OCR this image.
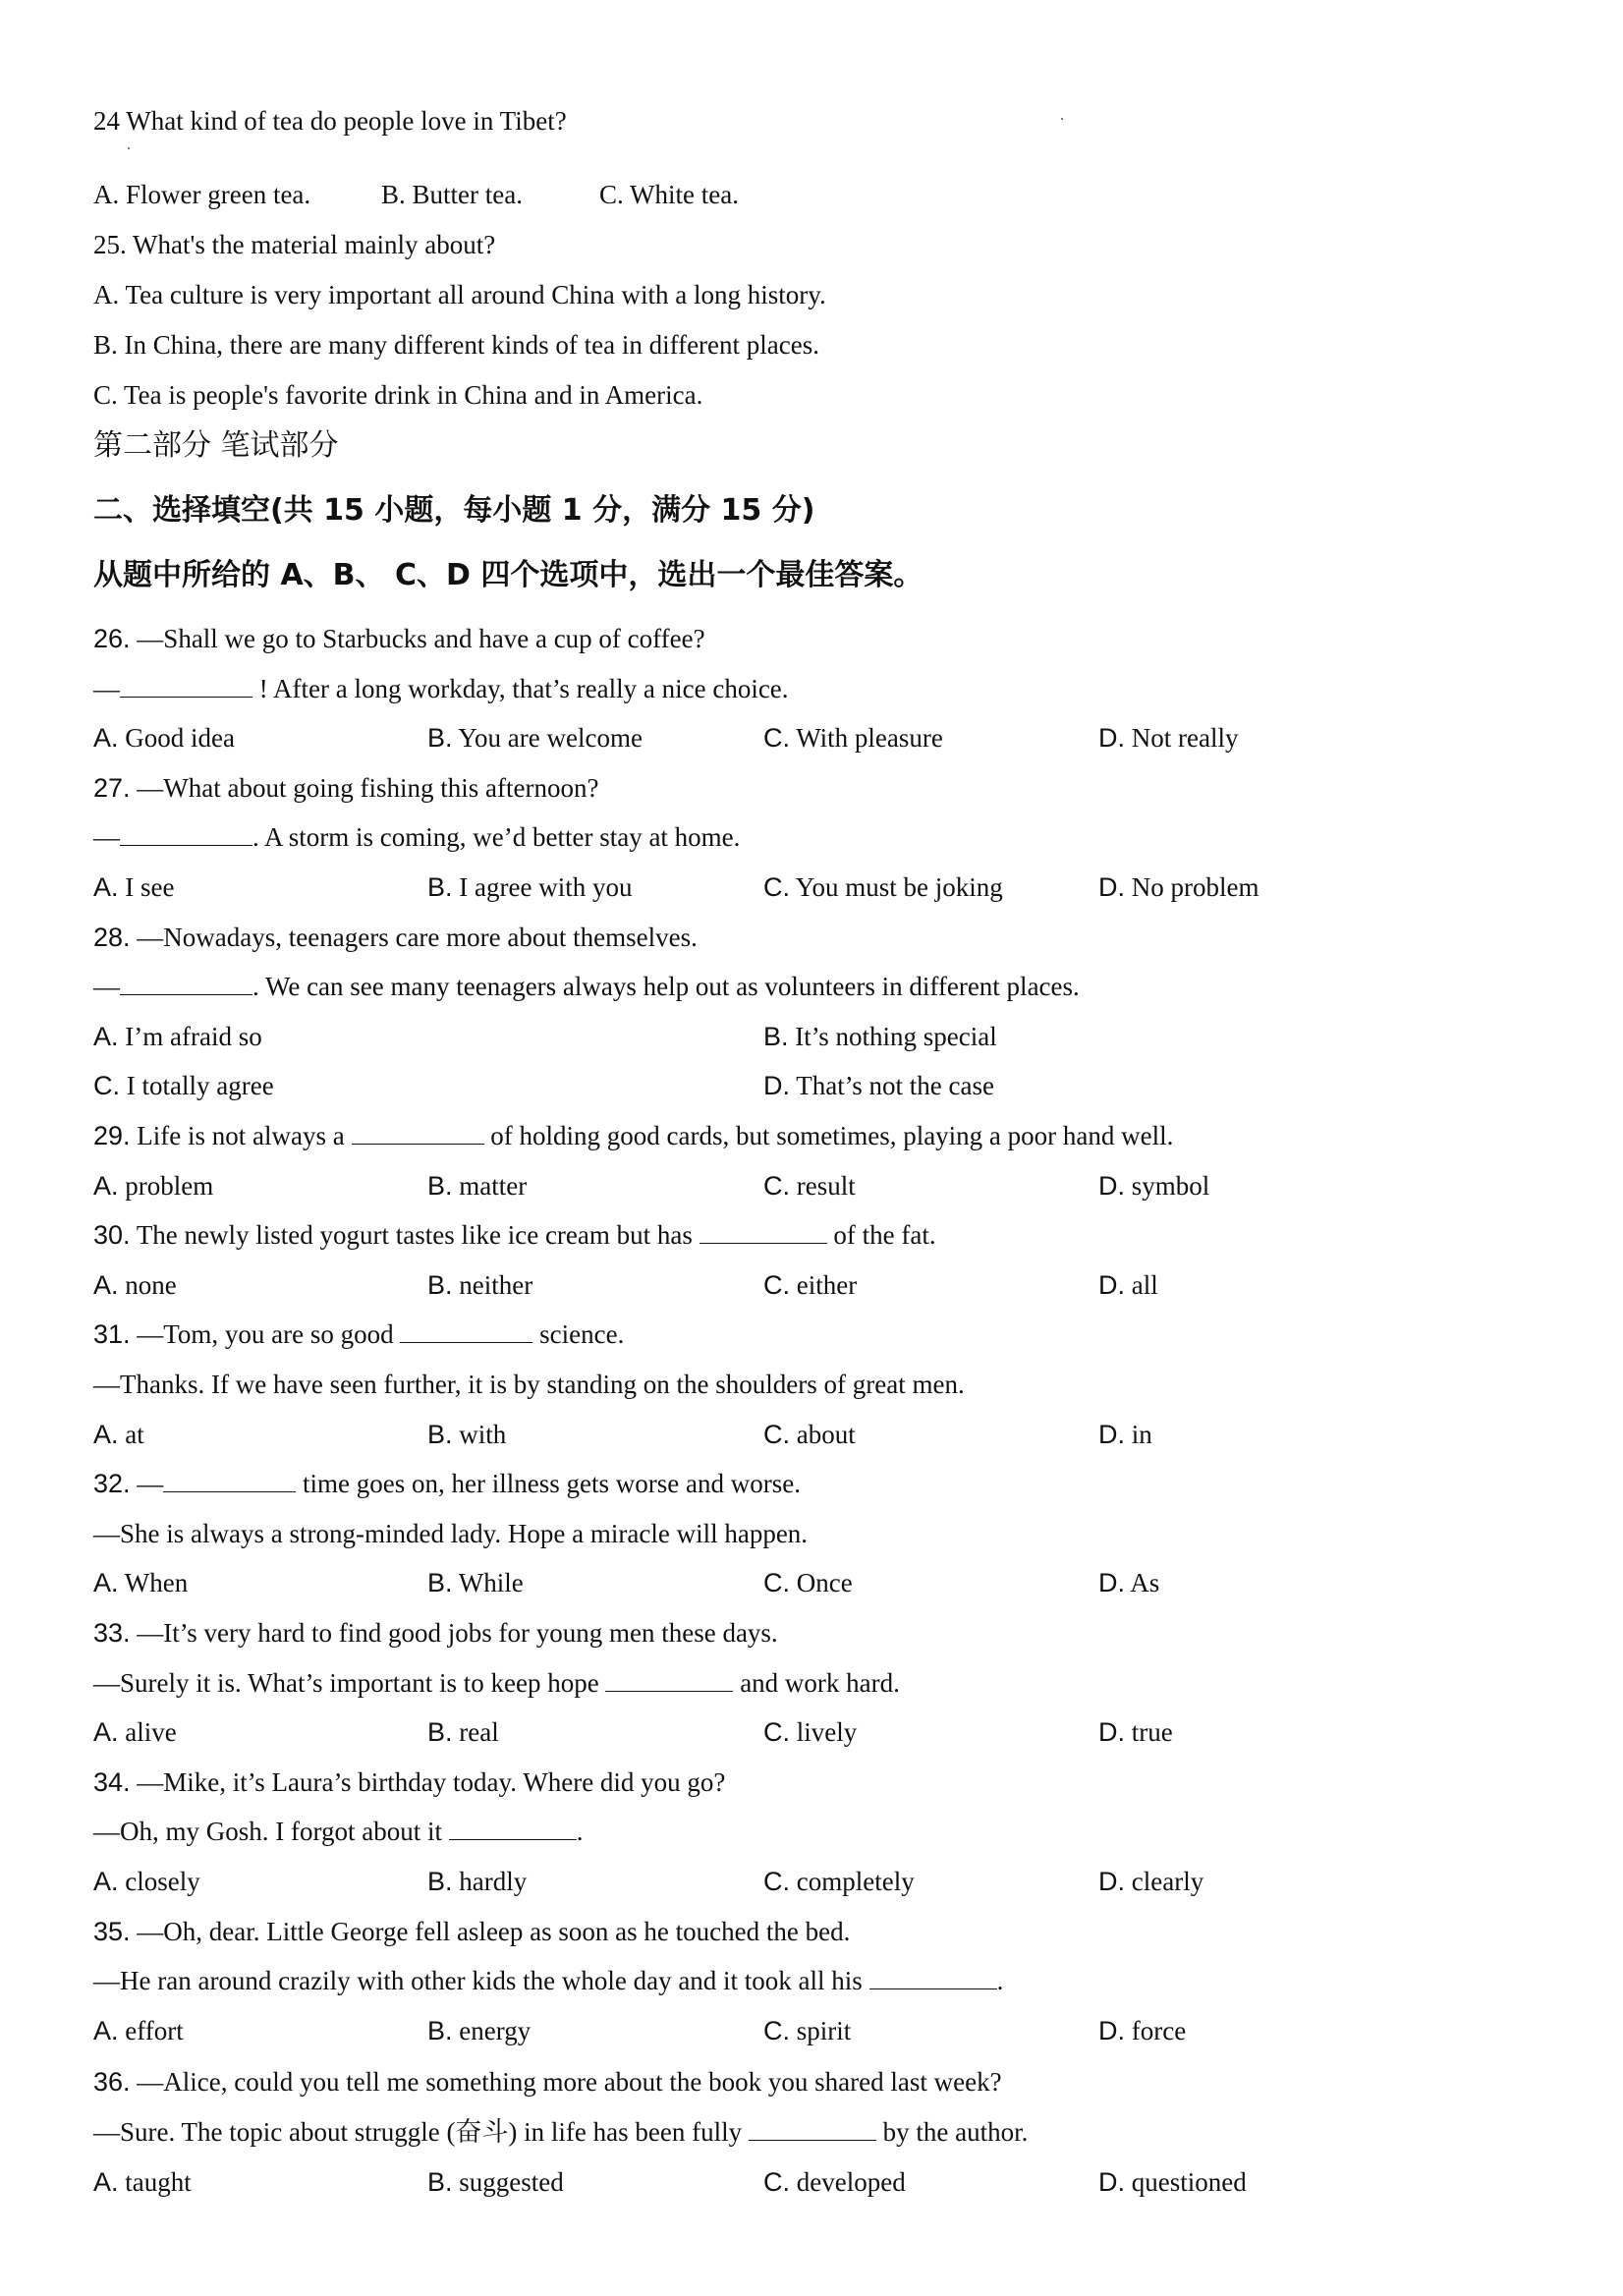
24 What kind of tea do people love in Tibet?
A. Flower green tea.	B. Butter tea.	C. White tea.
25. What's the material mainly about?
A. Tea culture is very important all around China with a long history.
B. In China, there are many different kinds of tea in different places.
C. Tea is people's favorite drink in China and in America.
第二部分 笔试部分
二、选择填空(共 15 小题，每小题 1 分，满分 15 分)
从题中所给的 A、B、 C、D 四个选项中，选出一个最佳答案。
26. —Shall we go to Starbucks and have a cup of coffee?
—	! After a long workday, that’s really a nice choice.
A. Good idea	B. You are welcome	C. With pleasure	D. Not really
27. —What about going fishing this afternoon?
—	. A storm is coming, we’d better stay at home.
A. I see	B. I agree with you	C. You must be joking	D. No problem
28. —Nowadays, teenagers care more about themselves.
—	. We can see many teenagers always help out as volunteers in different places.
A. I’m afraid so	B. It’s nothing special
C. I totally agree	D. That’s not the case
29. Life is not always a	of holding good cards, but sometimes, playing a poor hand well.
A. problem	B. matter	C. result	D. symbol
30. The newly listed yogurt tastes like ice cream but has	of the fat.
A. none	B. neither	C. either	D. all
31. —Tom, you are so good	science.
—Thanks. If we have seen further, it is by standing on the shoulders of great men.
A. at	B. with	C. about	D. in
32. —	time goes on, her illness gets worse and worse.
—She is always a strong-minded lady. Hope a miracle will happen.
A. When	B. While	C. Once	D. As
33. —It’s very hard to find good jobs for young men these days.
—Surely it is. What’s important is to keep hope	and work hard.
A. alive	B. real	C. lively	D. true
34. —Mike, it’s Laura’s birthday today. Where did you go?
—Oh, my Gosh. I forgot about it	.
A. closely	B. hardly	C. completely	D. clearly
35. —Oh, dear. Little George fell asleep as soon as he touched the bed.
—He ran around crazily with other kids the whole day and it took all his	.
A. effort	B. energy	C. spirit	D. force
36. —Alice, could you tell me something more about the book you shared last week?
—Sure. The topic about struggle (奋斗) in life has been fully	by the author.
A. taught	B. suggested	C. developed	D. questioned
